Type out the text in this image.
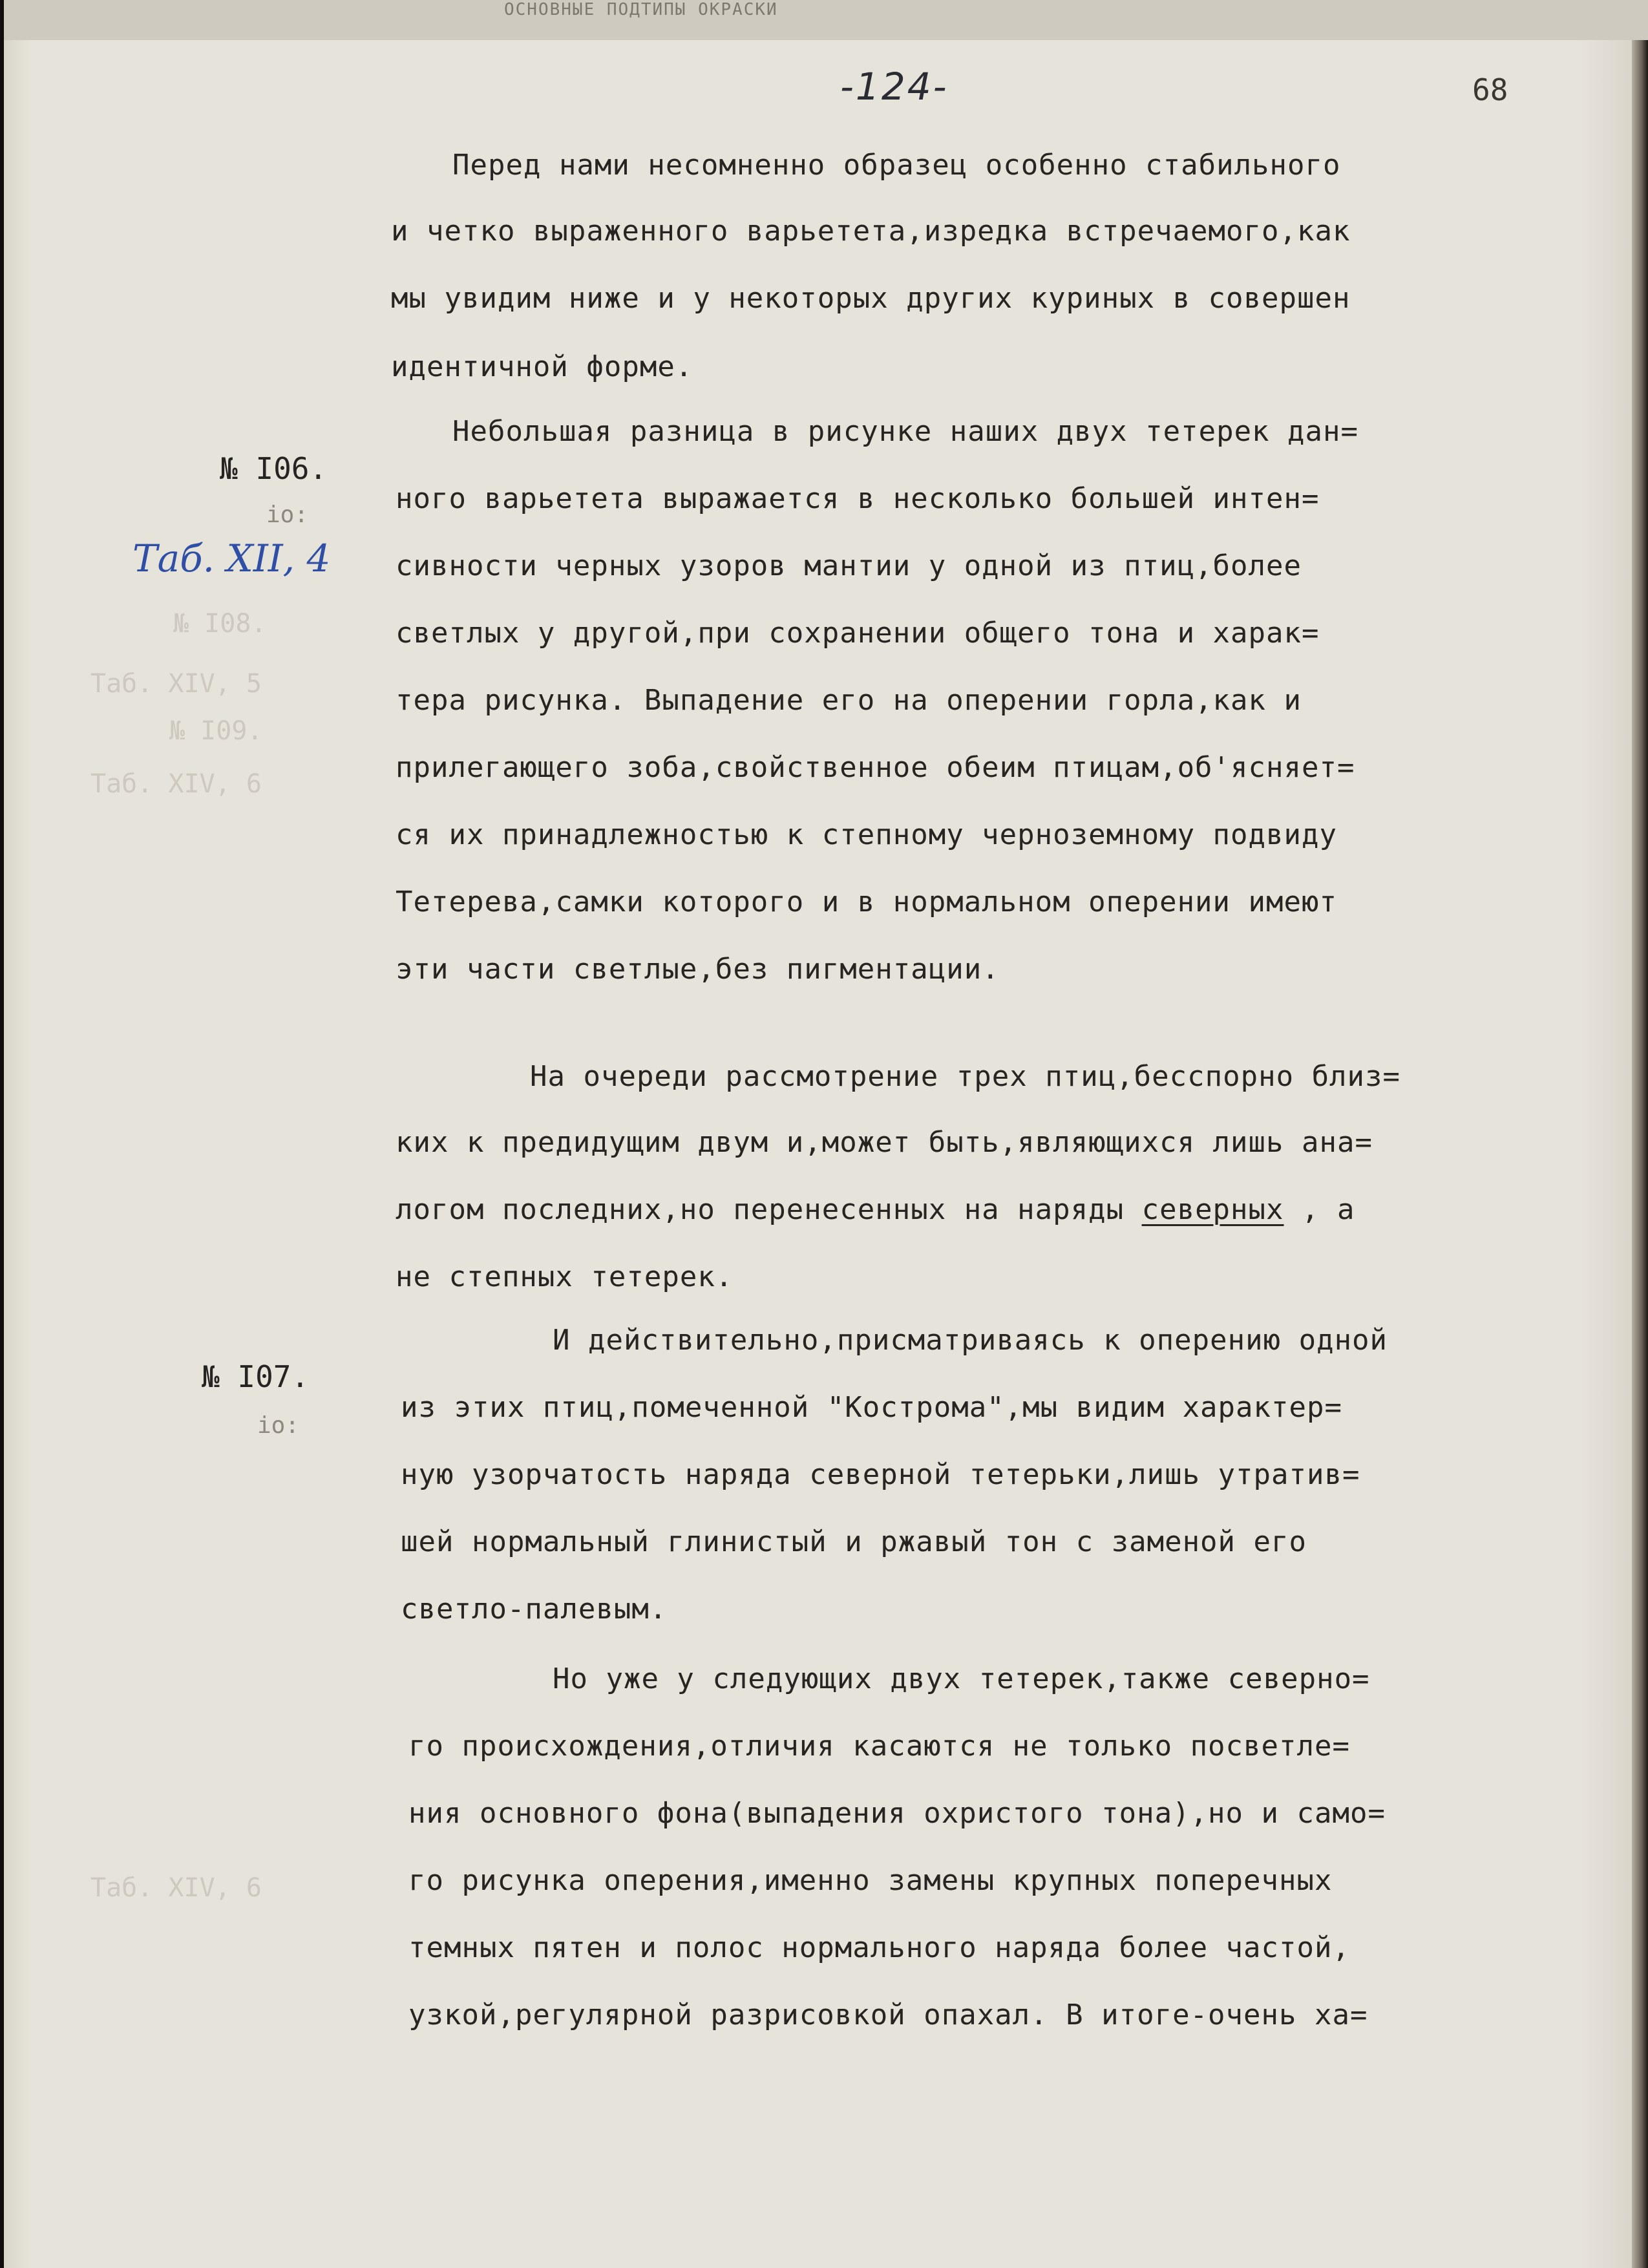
ОСНОВНЫЕ ПОДТИПЫ ОКРАСКИ
-124-	68
№ I08.
Таб. XIV, 5
№ I09.
Таб. XIV, 6
Таб. XIV, 6
№ I06.
io:
Таб. XII, 4
№ I07.
io:
Перед нами несомненно образец особенно стабильного
и четко выраженного варьетета,изредка встречаемого,как
мы увидим ниже и у некоторых других куриных в совершен
идентичной форме.
Небольшая разница в рисунке наших двух тетерек дан=
ного варьетета выражается в несколько большей интен=
сивности черных узоров мантии у одной из птиц,более
светлых у другой,при сохранении общего тона и харак=
тера рисунка. Выпадение его на оперении горла,как и
прилегающего зоба,свойственное обеим птицам,об'ясняет=
ся их принадлежностью к степному черноземному подвиду
Тетерева,самки которого и в нормальном оперении имеют
эти части светлые,без пигментации.
На очереди рассмотрение трех птиц,бесспорно близ=
ких к предидущим двум и,может быть,являющихся лишь ана=
логом последних,но перенесенных на наряды северных , а
не степных тетерек.
И действительно,присматриваясь к оперению одной
из этих птиц,помеченной "Кострома",мы видим характер=
ную узорчатость наряда северной тетерьки,лишь утратив=
шей нормальный глинистый и ржавый тон с заменой его
светло-палевым.
Но уже у следующих двух тетерек,также северно=
го происхождения,отличия касаются не только посветле=
ния основного фона(выпадения охристого тона),но и само=
го рисунка оперения,именно замены крупных поперечных
темных пятен и полос нормального наряда более частой,
узкой,регулярной разрисовкой опахал. В итоге-очень ха=
